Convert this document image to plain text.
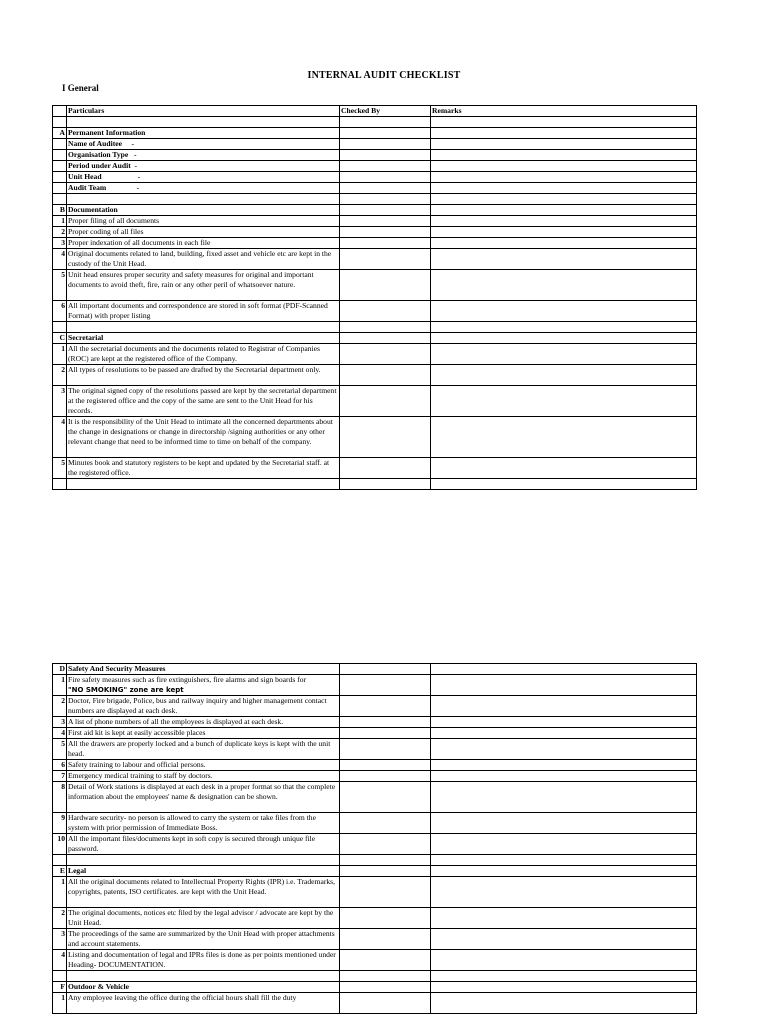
INTERNAL AUDIT CHECKLIST
I General
	Particulars	Checked By	Remarks

A	Permanent Information		
	Name of Auditee     -		
	Organisation Type   -		
	Period under Audit  -		
	Unit Head                   -		
	Audit Team                -		

B	Documentation		
1	Proper filing of all documents		
2	Proper coding of all files		
3	Proper indexation of all documents in each file		
4	Original documents related to land, building, fixed asset and vehicle etc are kept in the custody of the Unit Head.		
5	Unit head ensures proper security and safety measures for original and important documents to avoid theft, fire, rain or any other peril of whatsoever nature.		
6	All important documents and correspondence are stored in soft format (PDF-Scanned Format) with proper listing		

C	Secretarial		
1	All the secretarial documents and the documents related to Registrar of Companies (ROC) are kept at the registered office of the Company.		
2	All types of resolutions to be passed are drafted by the Secretarial department only.		
3	The original signed copy of the resolutions passed are kept by the secretarial department at the registered office and the copy of the same are sent to the Unit Head for his records.		
4	It is the responsibility of the Unit Head to intimate all the concerned departments about the change in designations or change in directorship /signing authorities or any other relevant change that need to be informed time to time on behalf of the company.		
5	Minutes book and statutory registers to be kept and updated by the Secretarial staff. at the registered office.		

D	Safety And Security Measures		
1	Fire safety measures such as fire extinguishers, fire alarms and sign boards for
"NO SMOKING" zone are kept		
2	Doctor, Fire brigade, Police, bus and railway inquiry and higher management contact numbers are displayed at each desk.		
3	A list of phone numbers of all the employees is displayed at each desk.		
4	First aid kit is kept at easily accessible places		
5	All the drawers are properly locked and a bunch of duplicate keys is kept with the unit head.		
6	Safety training to labour and official persons.		
7	Emergency medical training to staff by doctors.		
8	Detail of Work stations is displayed at each desk in a proper format so that the complete information about the employees' name & designation can be shown.		
9	Hardware security- no person is allowed to carry the system or take files from the system with prior permission of Immediate Boss.		
10	All the important files/documents kept in soft copy is secured through unique file password.		

E	Legal		
1	All the original documents related to Intellectual Property Rights (IPR) i.e. Trademarks, copyrights, patents, ISO certificates. are kept with the Unit Head.		
2	The original documents, notices etc filed by the legal advisor / advocate are kept by the Unit Head.		
3	The proceedings of the same are summarized by the Unit Head with proper attachments and account statements.		
4	Listing and documentation of legal and IPRs files is done as per points mentioned under Heading- DOCUMENTATION.		

F	Outdoor & Vehicle		
1	Any employee leaving the office during the official hours shall fill the duty		
